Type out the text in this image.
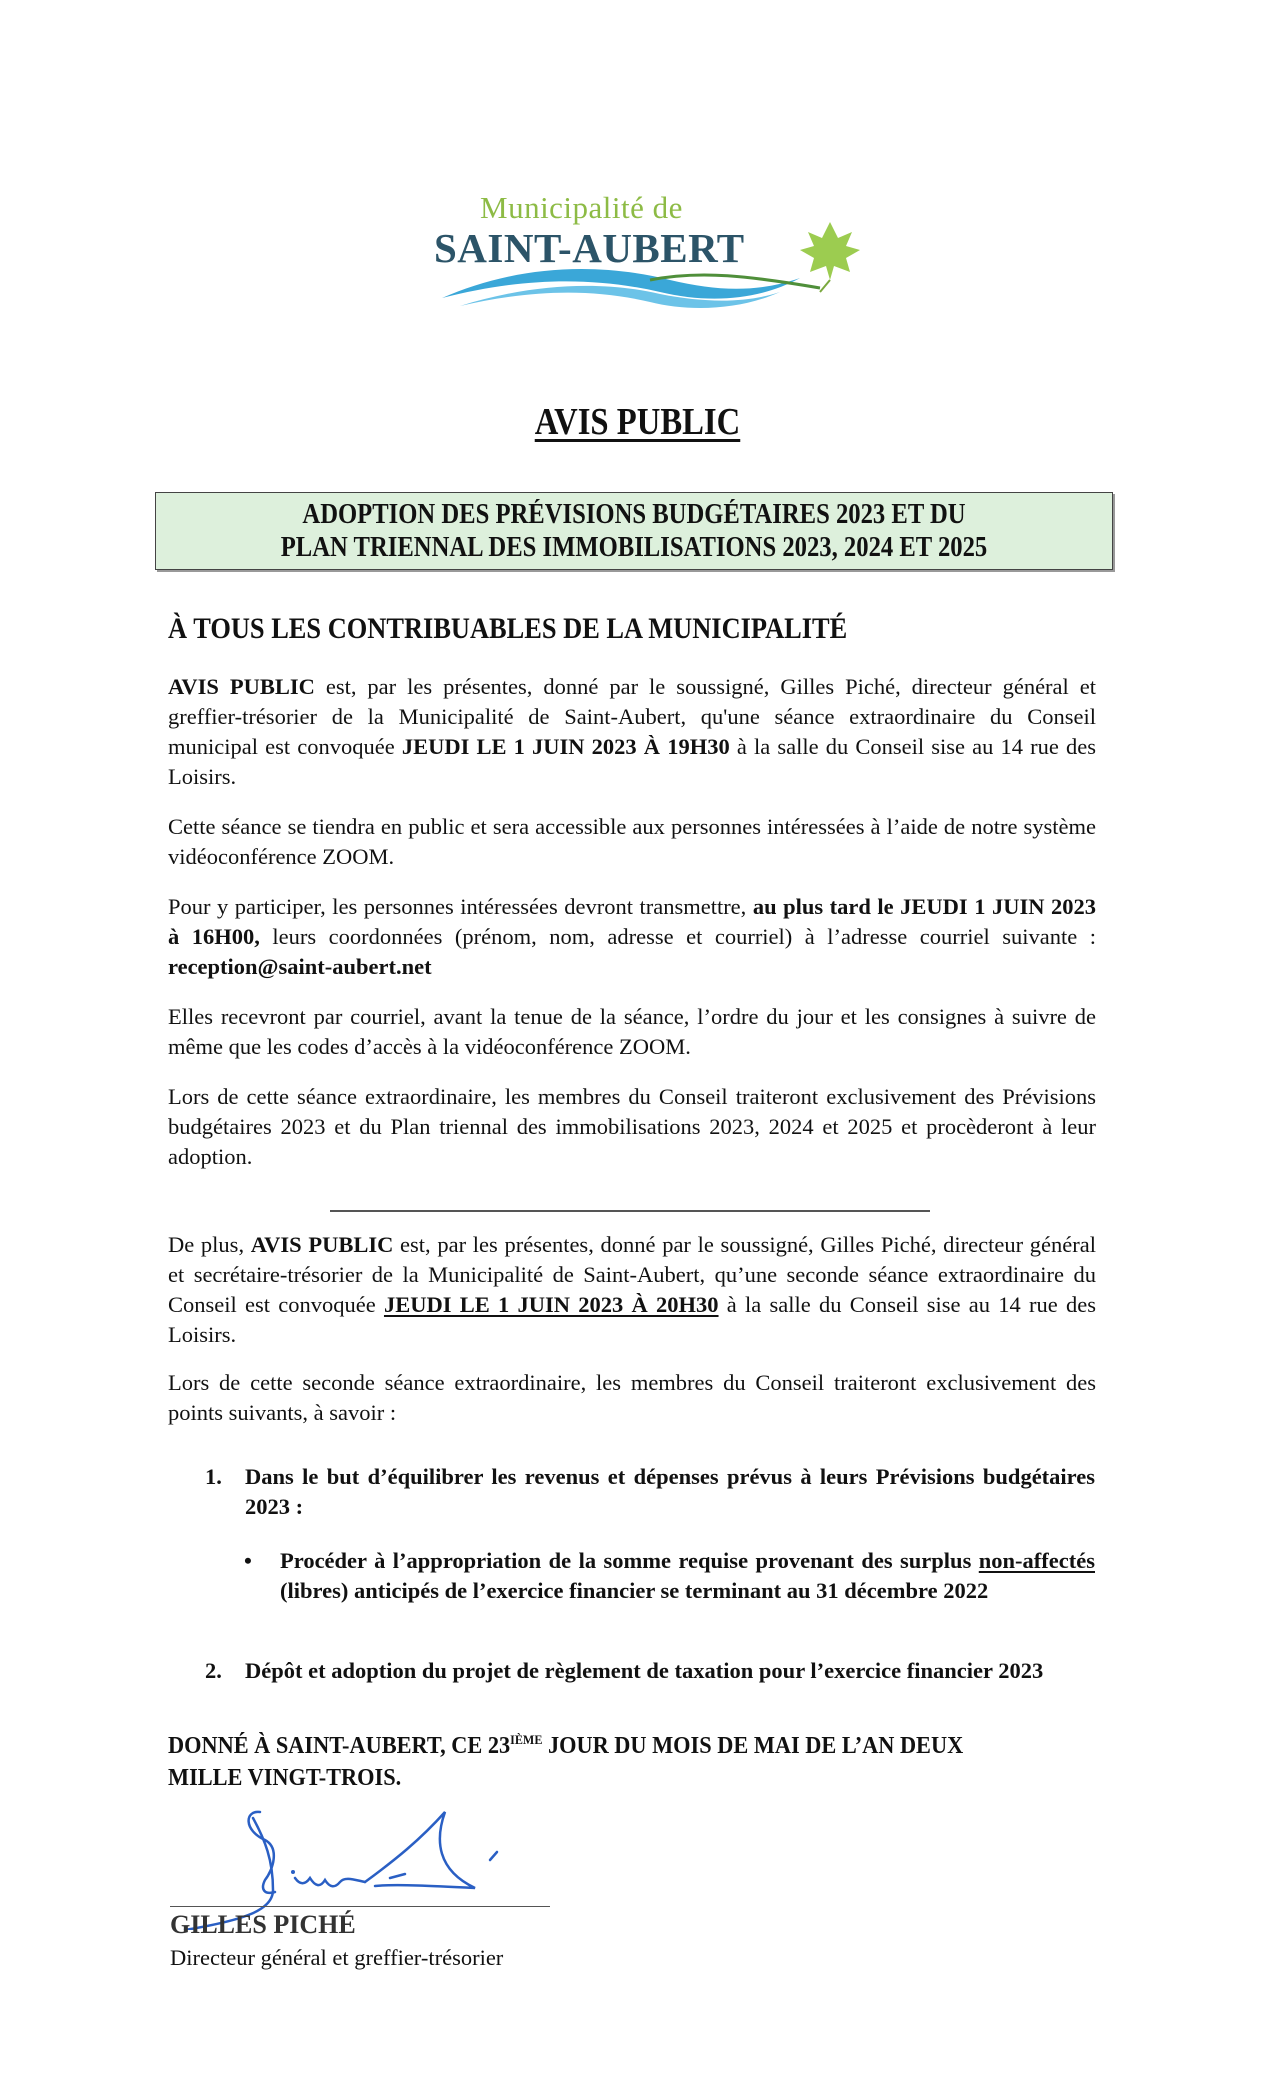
Municipalité de
SAINT-AUBERT
AVIS PUBLIC
ADOPTION DES PRÉVISIONS BUDGÉTAIRES 2023 ET DU
PLAN TRIENNAL DES IMMOBILISATIONS 2023, 2024 ET 2025
À TOUS LES CONTRIBUABLES DE LA MUNICIPALITÉ
AVIS PUBLIC est, par les présentes, donné par le soussigné, Gilles Piché, directeur général et greffier-trésorier de la Municipalité de Saint-Aubert, qu'une séance extraordinaire du Conseil municipal est convoquée JEUDI LE 1 JUIN 2023 À 19H30 à la salle du Conseil sise au 14 rue des Loisirs.
Cette séance se tiendra en public et sera accessible aux personnes intéressées à l’aide de notre système vidéoconférence ZOOM.
Pour y participer, les personnes intéressées devront transmettre, au plus tard le JEUDI 1 JUIN 2023 à 16H00, leurs coordonnées (prénom, nom, adresse et courriel) à l’adresse courriel suivante : reception@saint-aubert.net
Elles recevront par courriel, avant la tenue de la séance, l’ordre du jour et les consignes à suivre de même que les codes d’accès à la vidéoconférence ZOOM.
Lors de cette séance extraordinaire, les membres du Conseil traiteront exclusivement des Prévisions budgétaires 2023 et du Plan triennal des immobilisations 2023, 2024 et 2025 et procèderont à leur adoption.
De plus, AVIS PUBLIC est, par les présentes, donné par le soussigné, Gilles Piché, directeur général et secrétaire-trésorier de la Municipalité de Saint-Aubert, qu’une seconde séance extraordinaire du Conseil est convoquée JEUDI LE 1 JUIN 2023 À 20H30 à la salle du Conseil sise au 14 rue des Loisirs.
Lors de cette seconde séance extraordinaire, les membres du Conseil traiteront exclusivement des points suivants, à savoir :
1. Dans le but d’équilibrer les revenus et dépenses prévus à leurs Prévisions budgétaires 2023 :
• Procéder à l’appropriation de la somme requise provenant des surplus non-affectés (libres) anticipés de l’exercice financier se terminant au 31 décembre 2022
2. Dépôt et adoption du projet de règlement de taxation pour l’exercice financier 2023
DONNÉ À SAINT-AUBERT, CE 23IÈME JOUR DU MOIS DE MAI DE L’AN DEUX MILLE VINGT-TROIS.
GILLES PICHÉ
Directeur général et greffier-trésorier
